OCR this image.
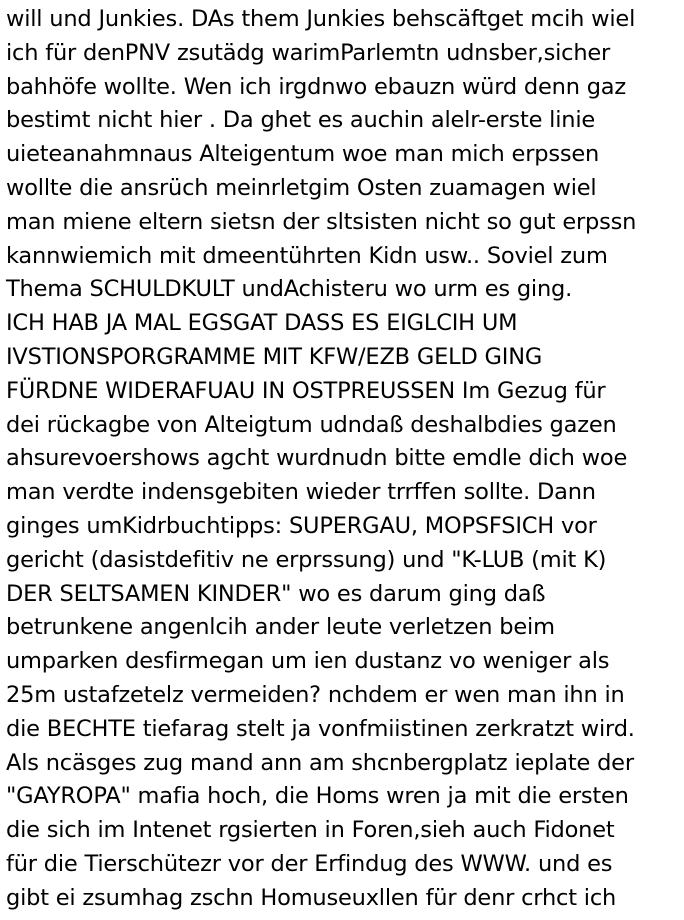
will und Junkies. DAs them Junkies behscäftget mcih wiel
ich für denPNV zsutädg warimParlemtn udnsber,sicher
bahhöfe wollte. Wen ich irgdnwo ebauzn würd denn gaz
bestimt nicht hier . Da ghet es auchin alelr-erste linie
uieteanahmnaus Alteigentum woe man mich erpssen
wollte die ansrüch meinrletgim Osten zuamagen wiel
man miene eltern sietsn der sltsisten nicht so gut erpssn
kannwiemich mit dmeentührten Kidn usw.. Soviel zum
Thema SCHULDKULT undAchisteru wo urm es ging.
ICH HAB JA MAL EGSGAT DASS ES EIGLCIH UM
IVSTIONSPORGRAMME MIT KFW/EZB GELD GING
FÜRDNE WIDERAFUAU IN OSTPREUSSEN Im Gezug für
dei rückagbe von Alteigtum udndaß deshalbdies gazen
ahsurevoershows agcht wurdnudn bitte emdle dich woe
man verdte indensgebiten wieder trrffen sollte. Dann
ginges umKidrbuchtipps: SUPERGAU, MOPSFSICH vor
gericht (dasistdefitiv ne erprssung) und "K-LUB (mit K)
DER SELTSAMEN KINDER" wo es darum ging daß
betrunkene angenlcih ander leute verletzen beim
umparken desfirmegan um ien dustanz vo weniger als
25m ustafzetelz vermeiden? nchdem er wen man ihn in
die BECHTE tiefarag stelt ja vonfmiistinen zerkratzt wird.
Als ncäsges zug mand ann am shcnbergplatz ieplate der
"GAYROPA" mafia hoch, die Homs wren ja mit die ersten
die sich im Intenet rgsierten in Foren,sieh auch Fidonet
für die Tierschütezr vor der Erfindug des WWW. und es
gibt ei zsumhag zschn Homuseuxllen für denr crhct ich
